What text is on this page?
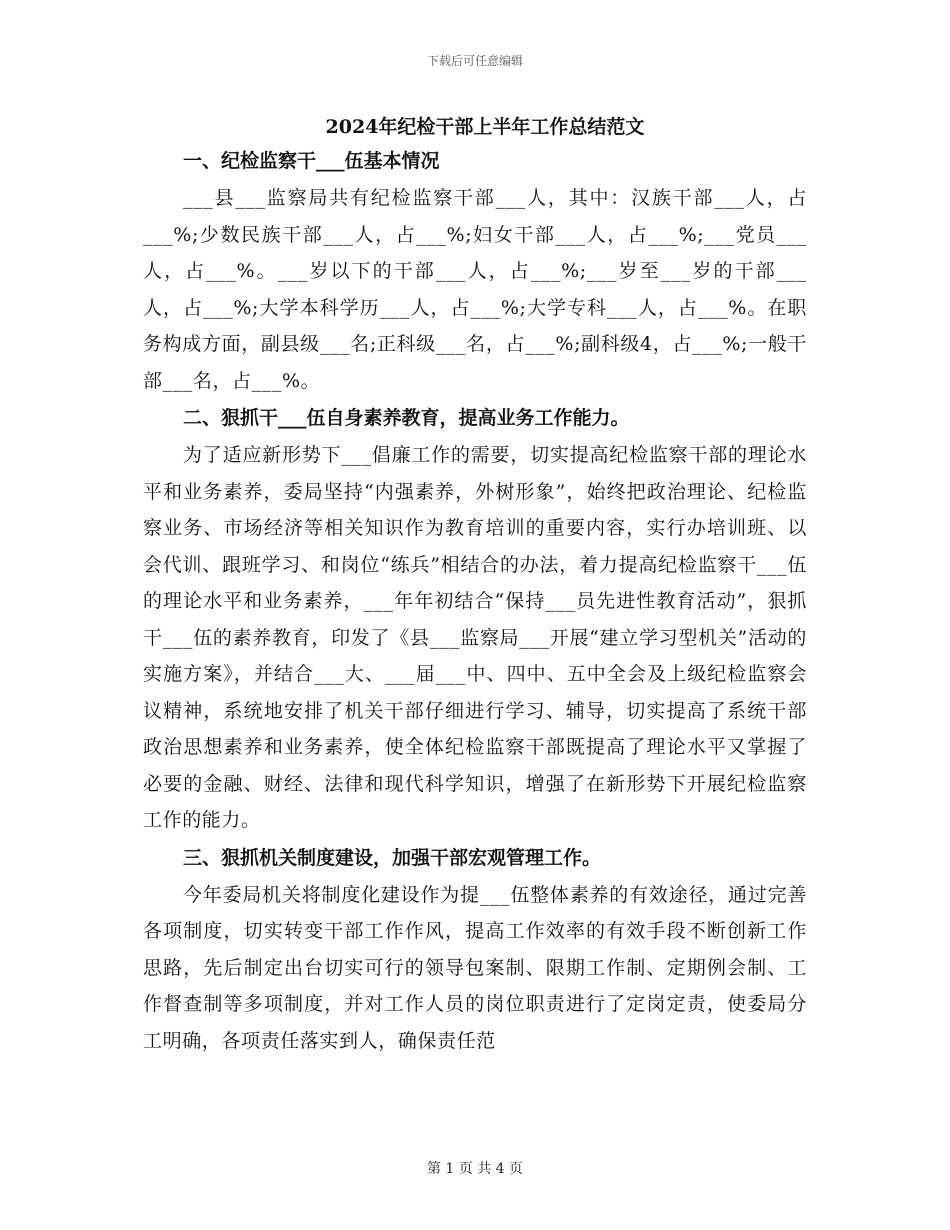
下载后可任意编辑
2024年纪检干部上半年工作总结范文
一、纪检监察干___伍基本情况

___县___监察局共有纪检监察干部___人，其中：汉族干部___人，占___%;少数民族干部___人，占___%;妇女干部___人，占___%;___党员___人，占___%。___岁以下的干部___人，占___%;___岁至___岁的干部___人，占___%;大学本科学历___人，占___%;大学专科___人，占___%。在职务构成方面，副县级___名;正科级___名，占___%;副科级4，占___%;一般干部___名，占___%。

二、狠抓干___伍自身素养教育，提高业务工作能力。

为了适应新形势下___倡廉工作的需要，切实提高纪检监察干部的理论水平和业务素养，委局坚持“内强素养，外树形象”，始终把政治理论、纪检监察业务、市场经济等相关知识作为教育培训的重要内容，实行办培训班、以会代训、跟班学习、和岗位“练兵”相结合的办法，着力提高纪检监察干___伍的理论水平和业务素养，___年年初结合“保持___员先进性教育活动”，狠抓干___伍的素养教育，印发了《县___监察局___开展“建立学习型机关”活动的实施方案》，并结合___大、___届___中、四中、五中全会及上级纪检监察会议精神，系统地安排了机关干部仔细进行学习、辅导，切实提高了系统干部政治思想素养和业务素养，使全体纪检监察干部既提高了理论水平又掌握了必要的金融、财经、法律和现代科学知识，增强了在新形势下开展纪检监察工作的能力。

三、狠抓机关制度建设，加强干部宏观管理工作。

今年委局机关将制度化建设作为提___伍整体素养的有效途径，通过完善各项制度，切实转变干部工作作风，提高工作效率的有效手段不断创新工作思路，先后制定出台切实可行的领导包案制、限期工作制、定期例会制、工作督查制等多项制度，并对工作人员的岗位职责进行了定岗定责，使委局分工明确，各项责任落实到人，确保责任范

第 1 页 共 4 页
